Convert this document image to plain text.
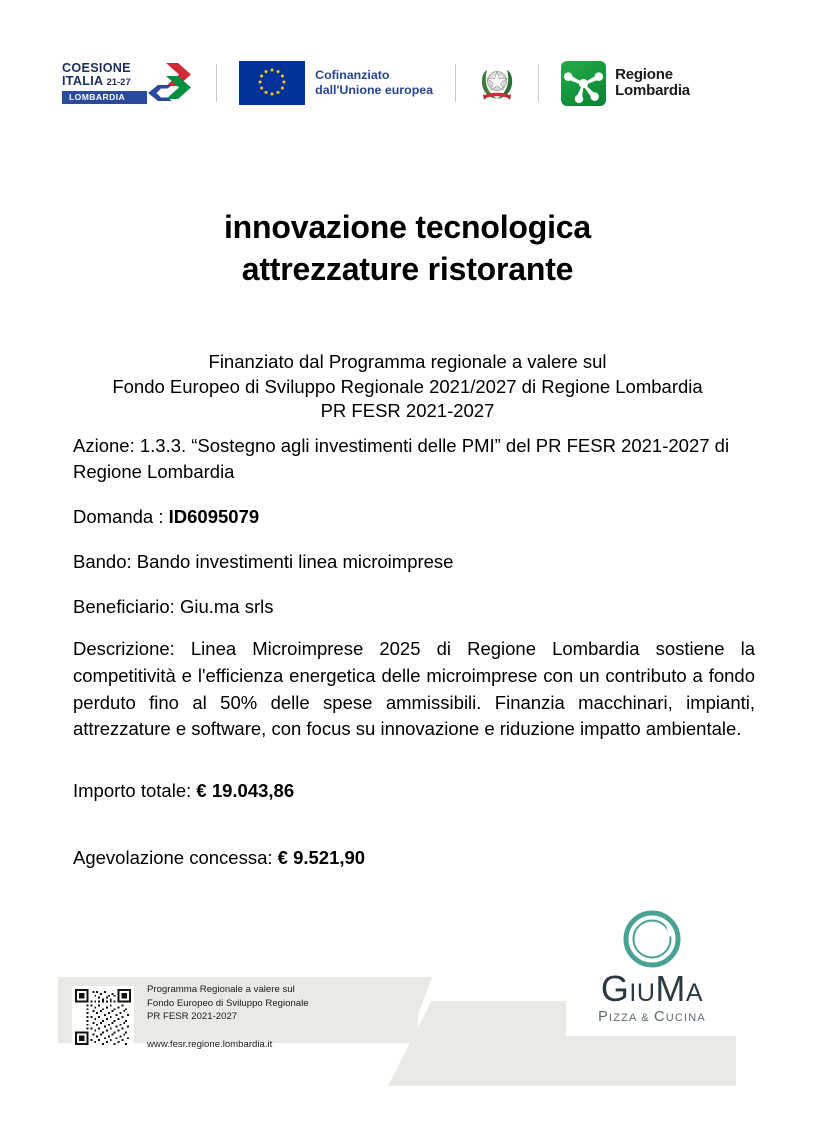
COESIONE
ITALIA 21-27
LOMBARDIA
Cofinanziato
dall'Unione europea
Regione
Lombardia
innovazione tecnologica
attrezzature ristorante
Finanziato dal Programma regionale a valere sul
Fondo Europeo di Sviluppo Regionale 2021/2027 di Regione Lombardia
PR FESR 2021-2027

Azione: 1.3.3. “Sostegno agli investimenti delle PMI” del PR FESR 2021-2027 di Regione Lombardia

Domanda : ID6095079

Bando: Bando investimenti linea microimprese

Beneficiario: Giu.ma srls

Descrizione: Linea Microimprese 2025 di Regione Lombardia sostiene la competitività e l'efficienza energetica delle microimprese con un contributo a fondo perduto fino al 50% delle spese ammissibili. Finanzia macchinari, impianti, attrezzature e software, con focus su innovazione e riduzione impatto ambientale.

Importo totale: € 19.043,86

Agevolazione concessa: € 9.521,90

Programma Regionale a valere sul
Fondo Europeo di Sviluppo Regionale
PR FESR 2021-2027
www.fesr.regione.lombardia.it
GIUMA
PIZZA & CUCINA
